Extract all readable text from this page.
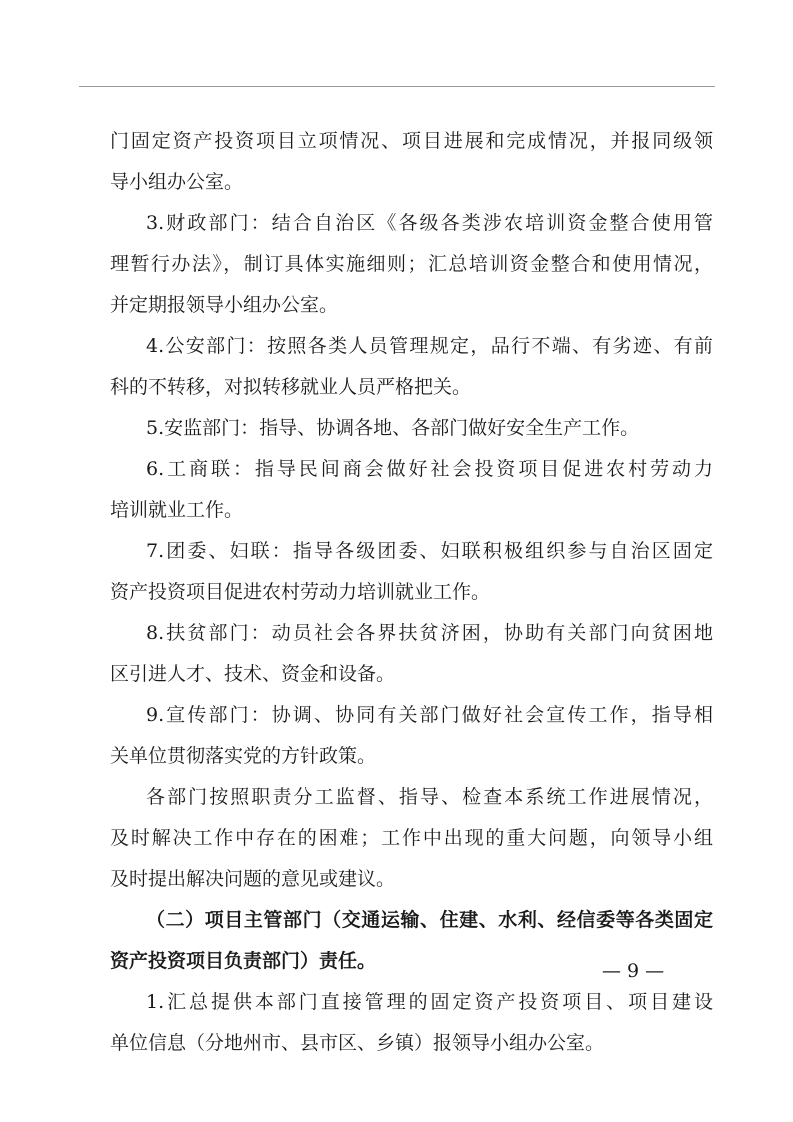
门固定资产投资项目立项情况、项目进展和完成情况，并报同级领
导小组办公室。
3.财政部门：结合自治区《各级各类涉农培训资金整合使用管
理暂行办法》，制订具体实施细则；汇总培训资金整合和使用情况，
并定期报领导小组办公室。
4.公安部门：按照各类人员管理规定，品行不端、有劣迹、有前
科的不转移，对拟转移就业人员严格把关。
5.安监部门：指导、协调各地、各部门做好安全生产工作。
6.工商联：指导民间商会做好社会投资项目促进农村劳动力
培训就业工作。
7.团委、妇联：指导各级团委、妇联积极组织参与自治区固定
资产投资项目促进农村劳动力培训就业工作。
8.扶贫部门：动员社会各界扶贫济困，协助有关部门向贫困地
区引进人才、技术、资金和设备。
9.宣传部门：协调、协同有关部门做好社会宣传工作，指导相
关单位贯彻落实党的方针政策。
各部门按照职责分工监督、指导、检查本系统工作进展情况，
及时解决工作中存在的困难；工作中出现的重大问题，向领导小组
及时提出解决问题的意见或建议。
（二）项目主管部门（交通运输、住建、水利、经信委等各类固定
资产投资项目负责部门）责任。
1.汇总提供本部门直接管理的固定资产投资项目、项目建设
单位信息（分地州市、县市区、乡镇）报领导小组办公室。
— 9 —
